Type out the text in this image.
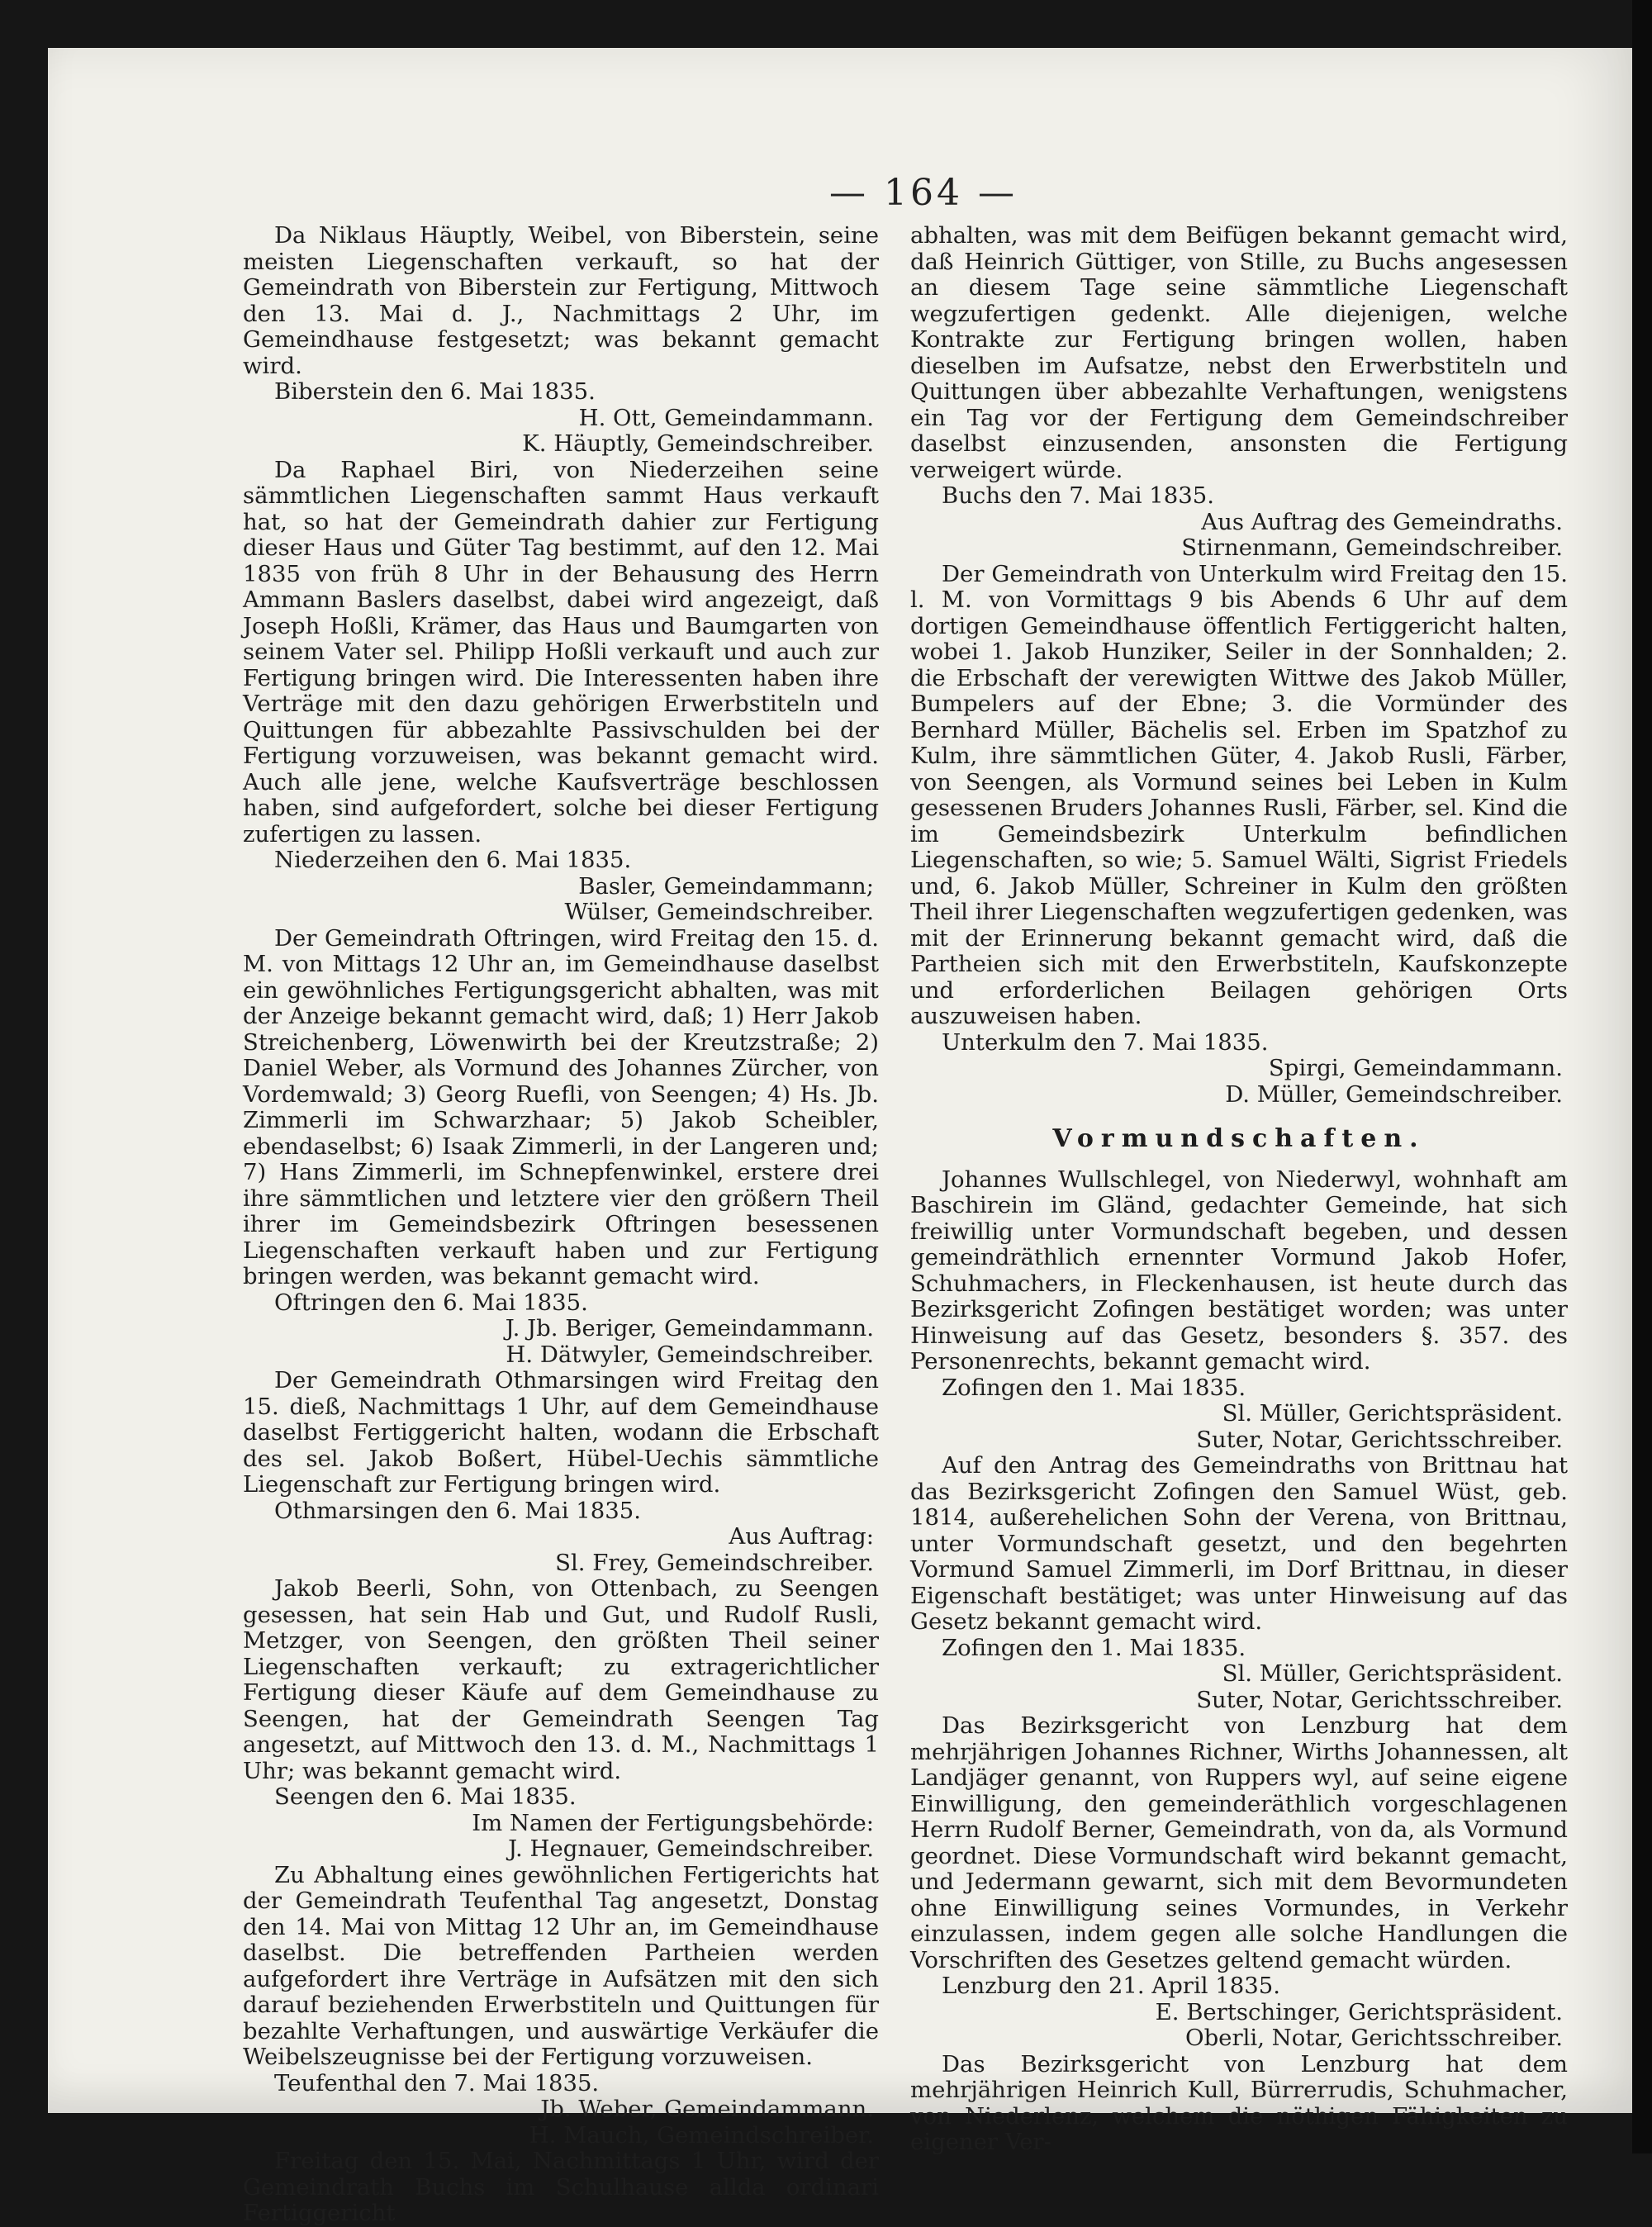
— 164 —

Da Niklaus Häuptly, Weibel, von Biberstein, seine meisten Liegenschaften verkauft, so hat der Gemeindrath von Biberstein zur Fertigung, Mittwoch den 13. Mai d. J., Nachmittags 2 Uhr, im Gemeindhause festgesetzt; was bekannt gemacht wird.

Biberstein den 6. Mai 1835.

H. Ott, Gemeindammann.

K. Häuptly, Gemeindschreiber.

Da Raphael Biri, von Niederzeihen seine sämmtlichen Liegenschaften sammt Haus verkauft hat, so hat der Gemeindrath dahier zur Fertigung dieser Haus und Güter Tag bestimmt, auf den 12. Mai 1835 von früh 8 Uhr in der Behausung des Herrn Ammann Baslers daselbst, dabei wird angezeigt, daß Joseph Hoßli, Krämer, das Haus und Baumgarten von seinem Vater sel. Philipp Hoßli verkauft und auch zur Fertigung bringen wird. Die Interessenten haben ihre Verträge mit den dazu gehörigen Erwerbstiteln und Quittungen für abbezahlte Passivschulden bei der Fertigung vorzuweisen, was bekannt gemacht wird. Auch alle jene, welche Kaufsverträge beschlossen haben, sind aufgefordert, solche bei dieser Fertigung zufertigen zu lassen.

Niederzeihen den 6. Mai 1835.

Basler, Gemeindammann;

Wülser, Gemeindschreiber.

Der Gemeindrath Oftringen, wird Freitag den 15. d. M. von Mittags 12 Uhr an, im Gemeindhause daselbst ein gewöhnliches Fertigungsgericht abhalten, was mit der Anzeige bekannt gemacht wird, daß; 1) Herr Jakob Streichenberg, Löwenwirth bei der Kreutzstraße; 2) Daniel Weber, als Vormund des Johannes Zürcher, von Vordemwald; 3) Georg Ruefli, von Seengen; 4) Hs. Jb. Zimmerli im Schwarzhaar; 5) Jakob Scheibler, ebendaselbst; 6) Isaak Zimmerli, in der Langeren und; 7) Hans Zimmerli, im Schnepfenwinkel, erstere drei ihre sämmtlichen und letztere vier den größern Theil ihrer im Gemeindsbezirk Oftringen besessenen Liegenschaften verkauft haben und zur Fertigung bringen werden, was bekannt gemacht wird.

Oftringen den 6. Mai 1835.

J. Jb. Beriger, Gemeindammann.

H. Dätwyler, Gemeindschreiber.

Der Gemeindrath Othmarsingen wird Freitag den 15. dieß, Nachmittags 1 Uhr, auf dem Gemeindhause daselbst Fertiggericht halten, wodann die Erbschaft des sel. Jakob Boßert, Hübel-Uechis sämmtliche Liegenschaft zur Fertigung bringen wird.

Othmarsingen den 6. Mai 1835.

Aus Auftrag:

Sl. Frey, Gemeindschreiber.

Jakob Beerli, Sohn, von Ottenbach, zu Seengen gesessen, hat sein Hab und Gut, und Rudolf Rusli, Metzger, von Seengen, den größten Theil seiner Liegenschaften verkauft; zu extragerichtlicher Fertigung dieser Käufe auf dem Gemeindhause zu Seengen, hat der Gemeindrath Seengen Tag angesetzt, auf Mittwoch den 13. d. M., Nachmittags 1 Uhr; was bekannt gemacht wird.

Seengen den 6. Mai 1835.

Im Namen der Fertigungsbehörde:

J. Hegnauer, Gemeindschreiber.

Zu Abhaltung eines gewöhnlichen Fertigerichts hat der Gemeindrath Teufenthal Tag angesetzt, Donstag den 14. Mai von Mittag 12 Uhr an, im Gemeindhause daselbst. Die betreffenden Partheien werden aufgefordert ihre Verträge in Aufsätzen mit den sich darauf beziehenden Erwerbstiteln und Quittungen für bezahlte Verhaftungen, und auswärtige Verkäufer die Weibelszeugnisse bei der Fertigung vorzuweisen.

Teufenthal den 7. Mai 1835.

Jb. Weber, Gemeindammann.

H. Mauch, Gemeindschreiber.

Freitag den 15. Mai, Nachmittags 1 Uhr, wird der Gemeindrath Buchs im Schulhause allda ordinari Fertiggericht

abhalten, was mit dem Beifügen bekannt gemacht wird, daß Heinrich Güttiger, von Stille, zu Buchs angesessen an diesem Tage seine sämmtliche Liegenschaft wegzufertigen gedenkt. Alle diejenigen, welche Kontrakte zur Fertigung bringen wollen, haben dieselben im Aufsatze, nebst den Erwerbstiteln und Quittungen über abbezahlte Verhaftungen, wenigstens ein Tag vor der Fertigung dem Gemeindschreiber daselbst einzusenden, ansonsten die Fertigung verweigert würde.

Buchs den 7. Mai 1835.

Aus Auftrag des Gemeindraths.

Stirnenmann, Gemeindschreiber.

Der Gemeindrath von Unterkulm wird Freitag den 15. l. M. von Vormittags 9 bis Abends 6 Uhr auf dem dortigen Gemeindhause öffentlich Fertiggericht halten, wobei 1. Jakob Hunziker, Seiler in der Sonnhalden; 2. die Erbschaft der verewigten Wittwe des Jakob Müller, Bumpelers auf der Ebne; 3. die Vormünder des Bernhard Müller, Bächelis sel. Erben im Spatzhof zu Kulm, ihre sämmtlichen Güter, 4. Jakob Rusli, Färber, von Seengen, als Vormund seines bei Leben in Kulm gesessenen Bruders Johannes Rusli, Färber, sel. Kind die im Gemeindsbezirk Unterkulm befindlichen Liegenschaften, so wie; 5. Samuel Wälti, Sigrist Friedels und, 6. Jakob Müller, Schreiner in Kulm den größten Theil ihrer Liegenschaften wegzufertigen gedenken, was mit der Erinnerung bekannt gemacht wird, daß die Partheien sich mit den Erwerbstiteln, Kaufskonzepte und erforderlichen Beilagen gehörigen Orts auszuweisen haben.

Unterkulm den 7. Mai 1835.

Spirgi, Gemeindammann.

D. Müller, Gemeindschreiber.

Vormundschaften.

Johannes Wullschlegel, von Niederwyl, wohnhaft am Baschirein im Gländ, gedachter Gemeinde, hat sich freiwillig unter Vormundschaft begeben, und dessen gemeindräthlich ernennter Vormund Jakob Hofer, Schuhmachers, in Fleckenhausen, ist heute durch das Bezirksgericht Zofingen bestätiget worden; was unter Hinweisung auf das Gesetz, besonders §. 357. des Personenrechts, bekannt gemacht wird.

Zofingen den 1. Mai 1835.

Sl. Müller, Gerichtspräsident.

Suter, Notar, Gerichtsschreiber.

Auf den Antrag des Gemeindraths von Brittnau hat das Bezirksgericht Zofingen den Samuel Wüst, geb. 1814, außerehelichen Sohn der Verena, von Brittnau, unter Vormundschaft gesetzt, und den begehrten Vormund Samuel Zimmerli, im Dorf Brittnau, in dieser Eigenschaft bestätiget; was unter Hinweisung auf das Gesetz bekannt gemacht wird.

Zofingen den 1. Mai 1835.

Sl. Müller, Gerichtspräsident.

Suter, Notar, Gerichtsschreiber.

Das Bezirksgericht von Lenzburg hat dem mehrjährigen Johannes Richner, Wirths Johannessen, alt Landjäger genannt, von Ruppers wyl, auf seine eigene Einwilligung, den gemeinderäthlich vorgeschlagenen Herrn Rudolf Berner, Gemeindrath, von da, als Vormund geordnet. Diese Vormundschaft wird bekannt gemacht, und Jedermann gewarnt, sich mit dem Bevormundeten ohne Einwilligung seines Vormundes, in Verkehr einzulassen, indem gegen alle solche Handlungen die Vorschriften des Gesetzes geltend gemacht würden.

Lenzburg den 21. April 1835.

E. Bertschinger, Gerichtspräsident.

Oberli, Notar, Gerichtsschreiber.

Das Bezirksgericht von Lenzburg hat dem mehrjährigen Heinrich Kull, Bürrerrudis, Schuhmacher, von Niederlenz, welchem die nöthigen Fähigkeiten zu eigener Ver-
